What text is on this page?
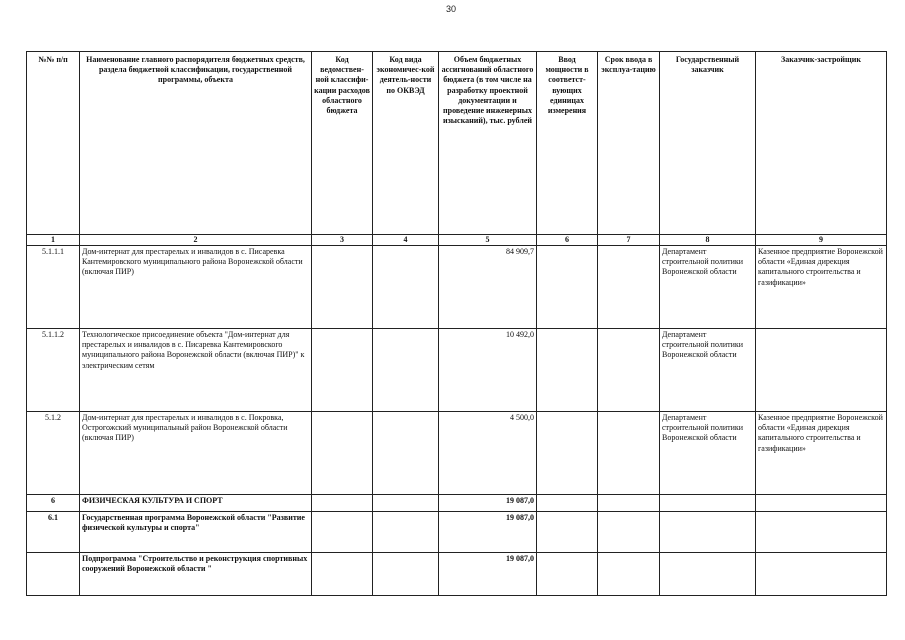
30
№№ п/п	Наименование главного распорядителя бюджетных средств, раздела бюджетной классификации, государственной программы, объекта	Код ведомствен-ной классифи-кации расходов областного бюджета	Код вида экономичес-кой деятель-ности по ОКВЭД	Объем бюджетных ассигнований областного бюджета (в том числе на разработку проектной документации и проведение инженерных изысканий), тыс. рублей	Ввод мощности в соответст-вующих единицах измерения	Срок ввода в эксплуа-тацию	Государственный заказчик	Заказчик-застройщик
1	2	3	4	5	6	7	8	9
5.1.1.1	Дом-интернат для престарелых и инвалидов в с. Писаревка Кантемировского муниципального района Воронежской области (включая ПИР)			84 909,7			Департамент строительной политики Воронежской области	Казенное предприятие Воронежской области «Единая дирекция капитального строительства и газификации»
5.1.1.2	Технологическое присоединение объекта "Дом-интернат для престарелых и инвалидов в с. Писаревка Кантемировского муниципального района Воронежской области (включая ПИР)" к электрическим сетям			10 492,0			Департамент строительной политики Воронежской области	
5.1.2	Дом-интернат для престарелых и инвалидов в с. Покровка, Острогожский муниципальный район Воронежской области (включая ПИР)			4 500,0			Департамент строительной политики Воронежской области	Казенное предприятие Воронежской области «Единая дирекция капитального строительства и газификации»
6	ФИЗИЧЕСКАЯ КУЛЬТУРА И СПОРТ			19 087,0				
6.1	Государственная программа Воронежской области "Развитие физической культуры и спорта"			19 087,0				
	Подпрограмма "Строительство и реконструкция спортивных сооружений Воронежской области "			19 087,0				
